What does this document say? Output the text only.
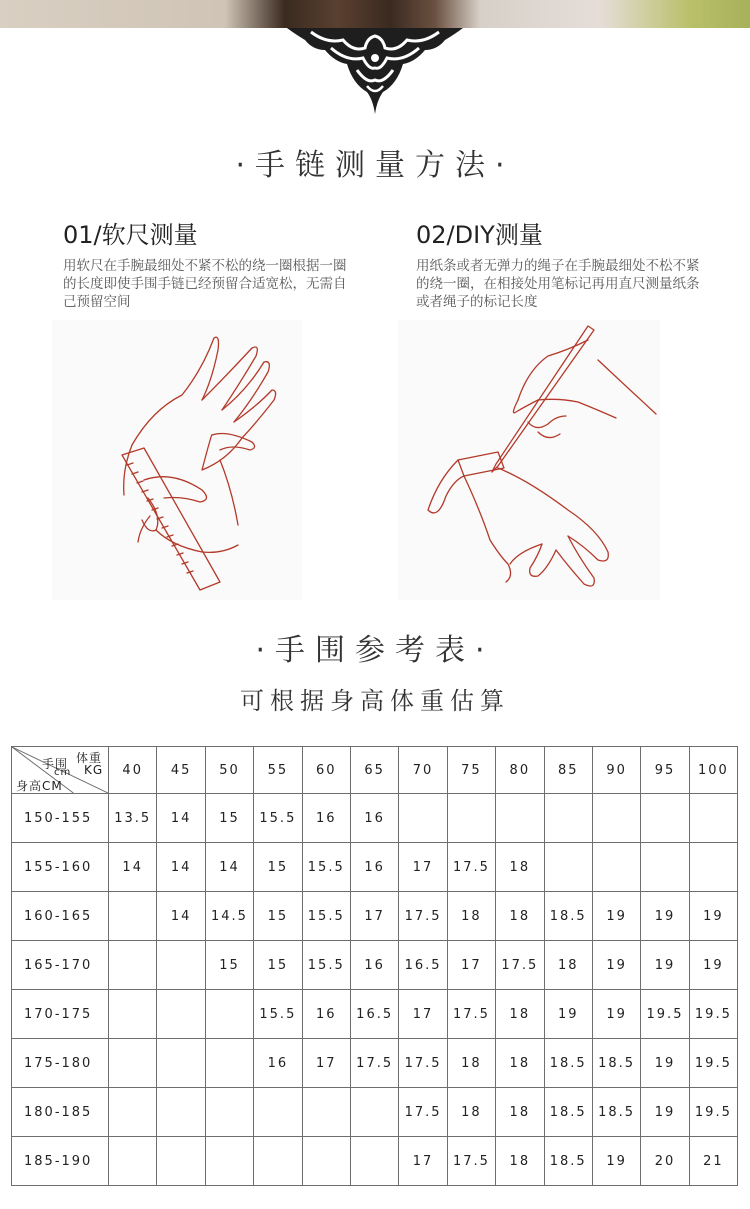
·手链测量方法·
01/软尺测量
用软尺在手腕最细处不紧不松的绕一圈根据一圈的长度即使手围手链已经预留合适宽松，无需自己预留空间
02/DIY测量
用纸条或者无弹力的绳子在手腕最细处不松不紧的绕一圈，在相接处用笔标记再用直尺测量纸条或者绳子的标记长度
·手围参考表·
可根据身高体重估算
手围 体重
KG
cm
身高CM	40	45	50	55	60	65	70	75	80	85	90	95	100
150-155	13.5	14	15	15.5	16	16							
155-160	14	14	14	15	15.5	16	17	17.5	18				
160-165		14	14.5	15	15.5	17	17.5	18	18	18.5	19	19	19
165-170			15	15	15.5	16	16.5	17	17.5	18	19	19	19
170-175				15.5	16	16.5	17	17.5	18	19	19	19.5	19.5
175-180				16	17	17.5	17.5	18	18	18.5	18.5	19	19.5
180-185							17.5	18	18	18.5	18.5	19	19.5
185-190							17	17.5	18	18.5	19	20	21
